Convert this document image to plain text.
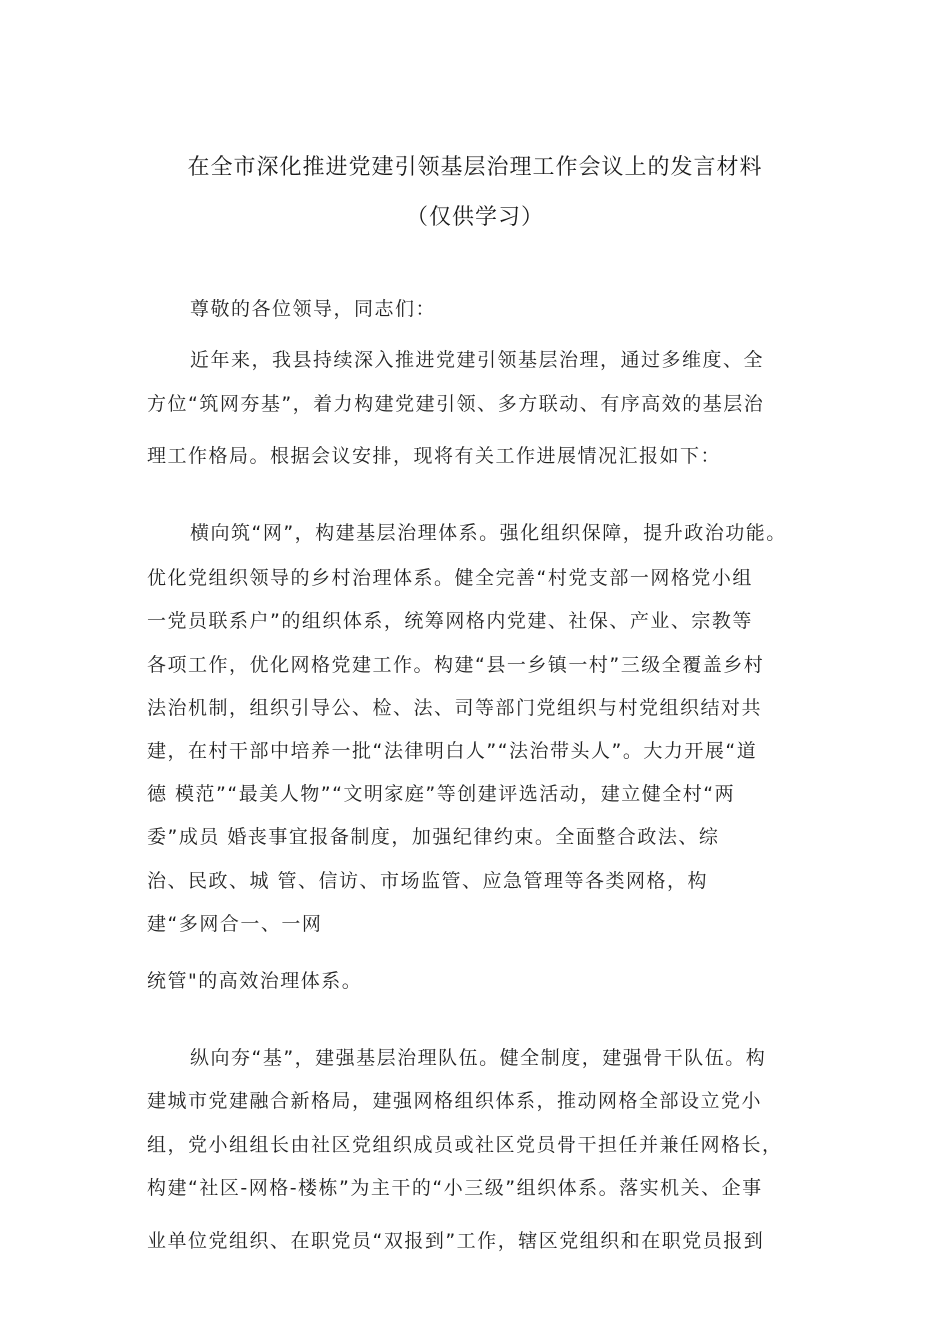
在全市深化推进党建引领基层治理工作会议上的发言材料
（仅供学习）
尊敬的各位领导，同志们：
近年来，我县持续深入推进党建引领基层治理，通过多维度、全
方位“筑网夯基”，着力构建党建引领、多方联动、有序高效的基层治
理工作格局。根据会议安排，现将有关工作进展情况汇报如下：
横向筑“网”，构建基层治理体系。强化组织保障，提升政治功能。
优化党组织领导的乡村治理体系。健全完善“村党支部一网格党小组
一党员联系户”的组织体系，统筹网格内党建、社保、产业、宗教等
各项工作，优化网格党建工作。构建“县一乡镇一村”三级全覆盖乡村
法治机制，组织引导公、检、法、司等部门党组织与村党组织结对共
建，在村干部中培养一批“法律明白人”“法治带头人”。大力开展“道
德 模范”“最美人物”“文明家庭”等创建评选活动，建立健全村“两
委”成员 婚丧事宜报备制度，加强纪律约束。全面整合政法、综
治、民政、城 管、信访、市场监管、应急管理等各类网格，构
建“多网合一、一网
统管"的高效治理体系。
纵向夯“基”，建强基层治理队伍。健全制度，建强骨干队伍。构
建城市党建融合新格局，建强网格组织体系，推动网格全部设立党小
组，党小组组长由社区党组织成员或社区党员骨干担任并兼任网格长，
构建“社区-网格-楼栋”为主干的“小三级”组织体系。落实机关、企事
业单位党组织、在职党员“双报到”工作，辖区党组织和在职党员报到
